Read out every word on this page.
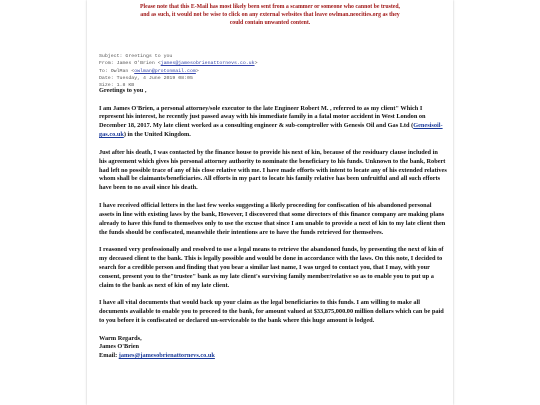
Please note that this E-Mail has most likely been sent from a scammer or someone who cannot be trusted,
and as such, it would not be wise to click on any external websites that leave owlman.neocities.org as they
could contain unwanted content.
Subject: Greetings to you
From: James O'Brien <james@jamesobrienattornevs.co.uk>
To: OwlMan <owlman@protonmail.com>
Date: Tuesday, 4 June 2019 08:05
Size: 1.8 KB

Greetings to you ,

I am James O'Brien, a personal attorney/sole executor to the late Engineer Robert M. , referred to as my client" Which I represent his interest, he recently just passed away with his immediate family in a fatal motor accident in West London on December 18, 2017. My late client worked as a consulting engineer & sub-comptroller with Genesis Oil and Gas Ltd (Genesisoil-gas.co.uk) in the United Kingdom.

Just after his death, I was contacted by the finance house to provide his next of kin, because of the residuary clause included in his agreement which gives his personal attorney authority to nominate the beneficiary to his funds. Unknown to the bank, Robert had left no possible trace of any of his close relative with me. I have made efforts with intent to locate any of his extended relatives whom shall be claimants/beneficiaries. All efforts in my part to locate his family relative has been unfruitful and all such efforts have been to no avail since his death.

I have received official letters in the last few weeks suggesting a likely proceeding for confiscation of his abandoned personal assets in line with existing laws by the bank, However, I discovered that some directors of this finance company are making plans already to have this fund to themselves only to use the excuse that since I am unable to provide a next of kin to my late client then the funds should be confiscated, meanwhile their intentions are to have the funds retrieved for themselves.

I reasoned very professionally and resolved to use a legal means to retrieve the abandoned funds, by presenting the next of kin of my deceased client to the bank. This is legally possible and would be done in accordance with the laws. On this note, I decided to search for a credible person and finding that you bear a similar last name, I was urged to contact you, that I may, with your consent, present you to the"trustee" bank as my late client's surviving family member/relative so as to enable you to put up a claim to the bank as next of kin of my late client.

I have all vital documents that would back up your claim as the legal beneficiaries to this funds. I am willing to make all documents available to enable you to proceed to the bank, for amount valued at $33,875,000.00 million dollars which can be paid to you before it is confiscated or declared un-serviceable to the bank where this huge amount is lodged.

Warm Regards,
James O'Brien
Email: james@jamesobrienattornevs.co.uk
